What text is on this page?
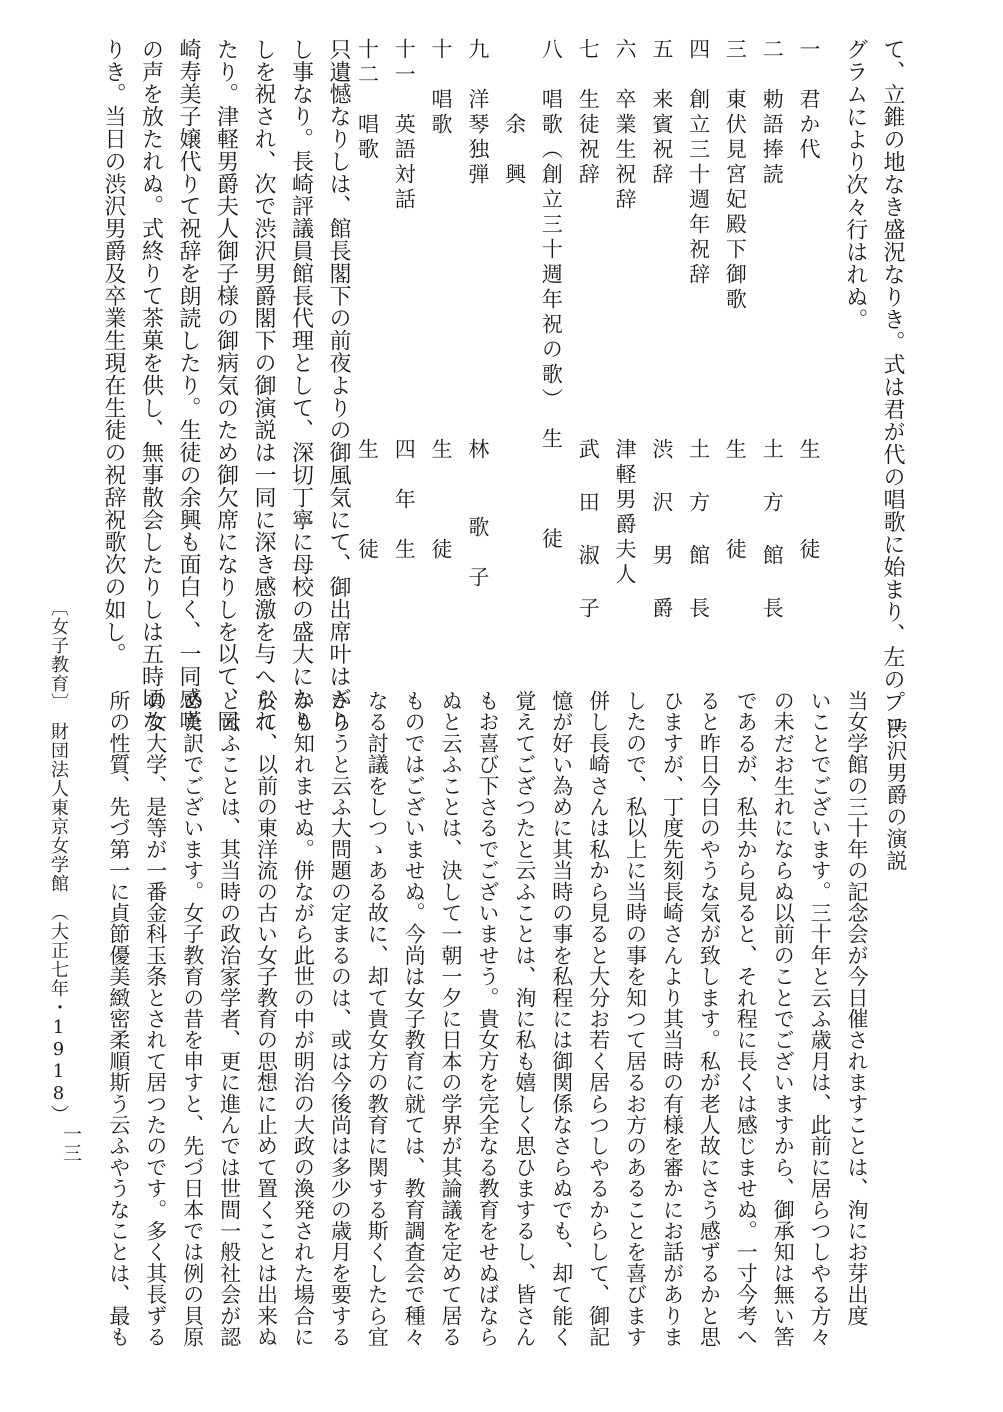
て、立錐の地なき盛況なりき。式は君が代の唱歌に始まり、左のプロ
グラムにより次々行はれぬ。
一　君か代　　　　　　　　　　　生　　　徒
二　勅語捧読　　　　　　　　　　土 方 館 長
三　東伏見宮妃殿下御歌　　　　　生　　　徒
四　創立三十週年祝辞　　　　　　土 方 館 長
五　来賓祝辞　　　　　　　　　　渋 沢 男 爵
六　卒業生祝辞　　　　　　　　　津軽男爵夫人
七　生徒祝辞　　　　　　　　　　武 田 淑 子
八　唱歌（創立三十週年祝の歌）　生　　　徒
　　　余　興
九　洋琴独弾　　　　　　　　　　林　 歌　子
十　唱歌　　　　　　　　　　　　生　　　徒
十一　英語対話　　　　　　　　　四　年　生
十二　唱歌　　　　　　　　　　　生　　　徒
只遺憾なりしは、館長閣下の前夜よりの御風気にて、御出席叶はざり
し事なり。長崎評議員館長代理として、深切丁寧に母校の盛大になり
しを祝され、次で渋沢男爵閣下の御演説は一同に深き感激を与へられ
たり。津軽男爵夫人御子様の御病気のため御欠席になりしを以て、岡
崎寿美子嬢代りて祝辞を朗読したり。生徒の余興も面白く、一同感嘆
の声を放たれぬ。式終りて茶菓を供し、無事散会したりしは五時頃な
りき。当日の渋沢男爵及卒業生現在生徒の祝辞祝歌次の如し。
渋沢男爵の演説
当女学館の三十年の記念会が今日催されますことは、洵にお芽出度
いことでございます。三十年と云ふ歳月は、此前に居らつしやる方々
の未だお生れにならぬ以前のことでございますから、御承知は無い筈
であるが、私共から見ると、それ程に長くは感じませぬ。一寸今考へ
ると昨日今日のやうな気が致します。私が老人故にさう感ずるかと思
ひますが、丁度先刻長崎さんより其当時の有様を審かにお話がありま
したので、私以上に当時の事を知つて居るお方のあることを喜びます
併し長崎さんは私から見ると大分お若く居らつしやるからして、御記
憶が好い為めに其当時の事を私程には御関係なさらぬでも、却て能く
覚えてござつたと云ふことは、洵に私も嬉しく思ひまするし、皆さん
もお喜び下さるでございませう。貴女方を完全なる教育をせぬばなら
ぬと云ふことは、決して一朝一夕に日本の学界が其論議を定めて居る
ものではございませぬ。今尚は女子教育に就ては、教育調査会で種々
なる討議をしつゝある故に、却て貴女方の教育に関する斯くしたら宜
からうと云ふ大問題の定まるのは、或は今後尚は多少の歳月を要する
かも知れませぬ。併ながら此世の中が明治の大政の渙発された場合に
於て、以前の東洋流の古い女子教育の思想に止めて置くことは出来ぬ
と云ふことは、其当時の政治家学者、更に進んでは世間一般社会が認
めた訳でございます。女子教育の昔を申すと、先づ日本では例の貝原
の女大学、是等が一番金科玉条とされて居つたのです。多く其長ずる
所の性質、先づ第一に貞節優美緻密柔順斯う云ふやうなことは、最も
〔女子教育〕　財団法人東京女学館　（大正七年・1918）
一三
